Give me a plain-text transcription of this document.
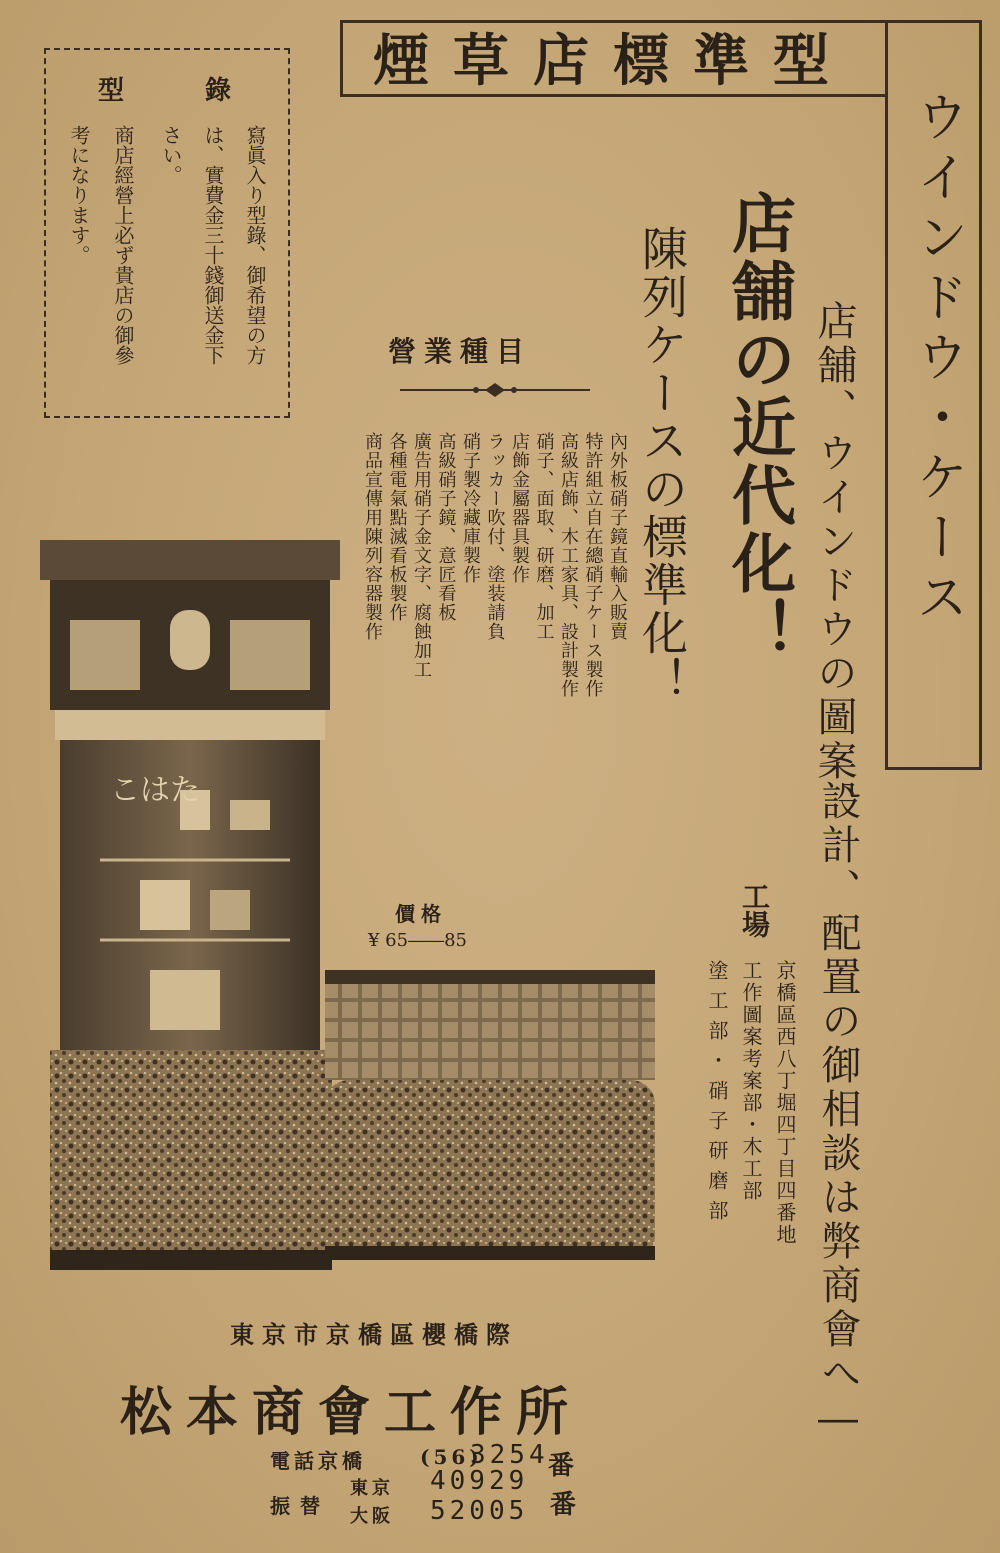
煙草店標準型
ウインドウ・ケース
錄
型
寫眞入り型錄、御希望の方
は、實費金三十錢御送金下
さい。
商店經營上必ず貴店の御參
考になります。
店舗、ウインドウの圖案、
設計、配置の御相談は弊商會へ―
店舗の近代化！
陳列ケースの標準化！
工場
京橋區西八丁堀四丁目四番地
工作圖案考案部・木工部
塗工部・硝子研磨部
營業種目
內外板硝子鏡直輸入販賣
特許組立自在總硝子ケース製作
高級店飾、木工家具、設計製作
硝子、面取、研磨、加工
店飾金屬器具製作
ラッカー吹付、塗装請負
硝子製冷藏庫製作
高級硝子鏡、意匠看板
廣告用硝子金文字、腐蝕加工
各種電氣點滅看板製作
商品宣傳用陳列容器製作
價格
¥ 65――85
こはた
東京市京橋區櫻橋際
松本商會工作所
電話京橋	(56)
3254 番
振替
東京 40929
大阪 52005 番
